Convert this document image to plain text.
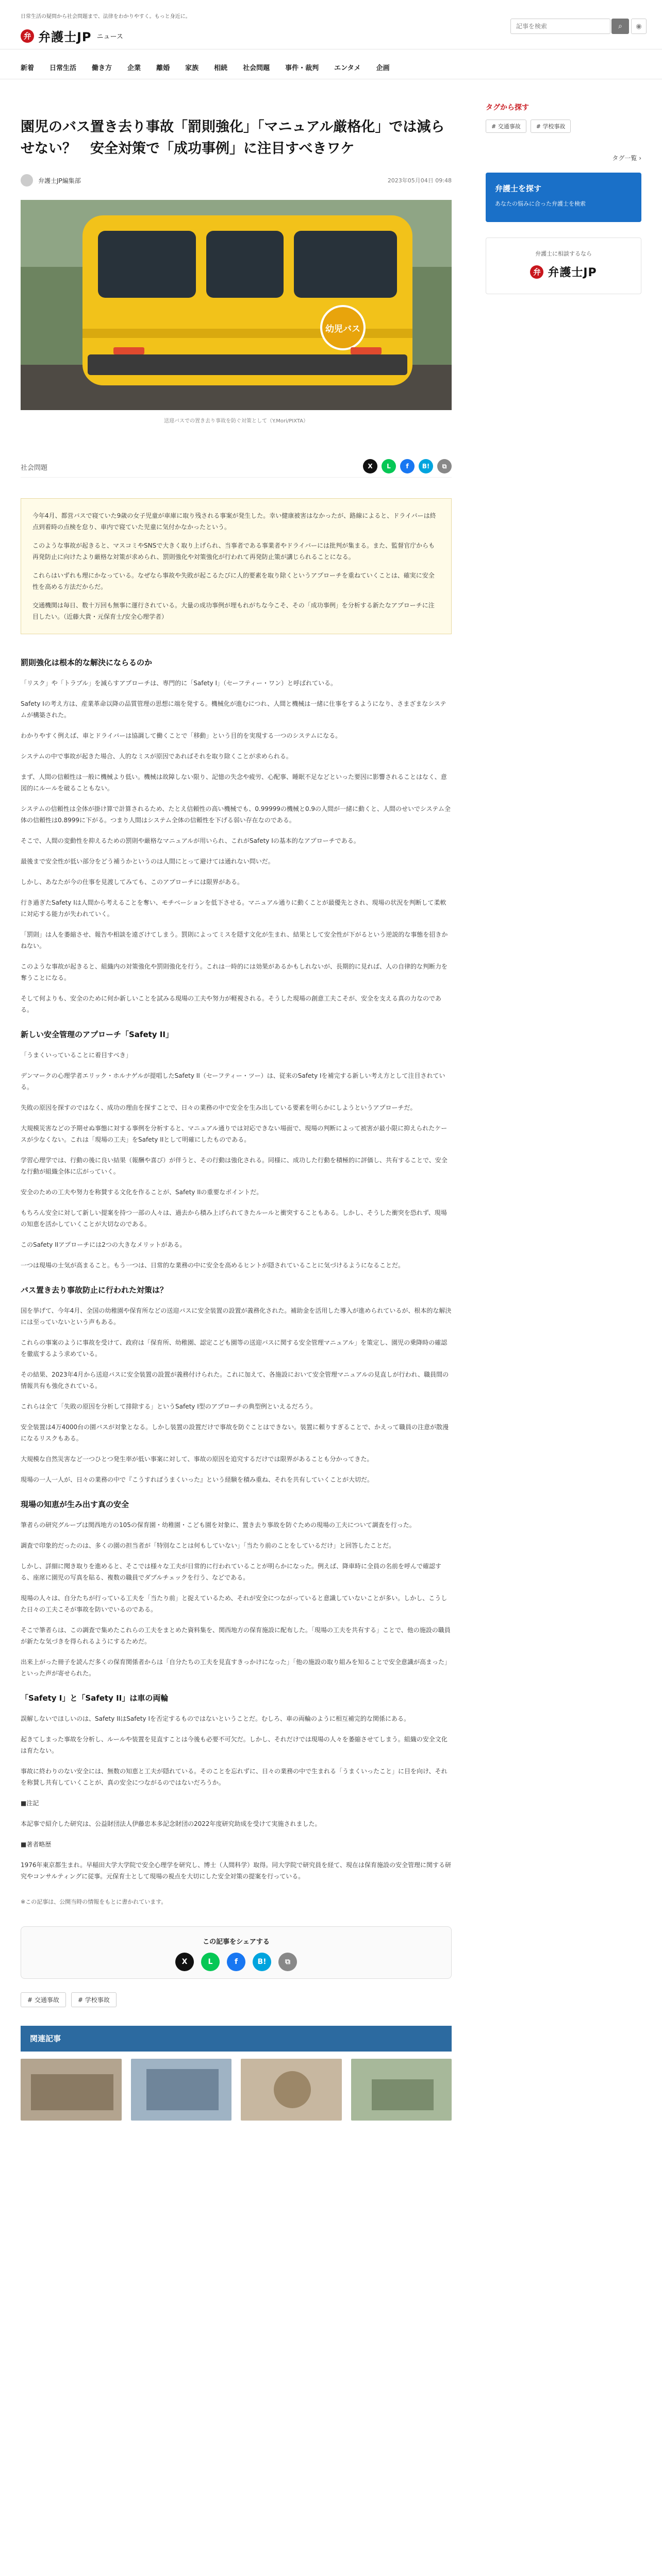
日常生活の疑問から社会問題まで、法律をわかりやすく。もっと身近に。
弁 弁護士JP ニュース
記事を検索
⌕ ◉
新着 日常生活 働き方 企業 離婚 家族 相続 社会問題 事件・裁判 エンタメ 企画
園児のバス置き去り事故「罰則強化」「マニュアル厳格化」では減らせない？　安全対策で「成功事例」に注目すべきワケ
弁護士JP編集部	2023年05月04日 09:48
幼児バス
送迎バスでの置き去り事故を防ぐ対策として（Y.Mori/PIXTA）
社会問題	X	L	f	B!	⧉

今年4月、都営バスで寝ていた9歳の女子児童が車庫に取り残される事案が発生した。幸い健康被害はなかったが、路線によると、ドライバーは終点到着時の点検を怠り、車内で寝ていた児童に気付かなかったという。

このような事故が起きると、マスコミやSNSで大きく取り上げられ、当事者である事業者やドライバーには批判が集まる。また、監督官庁からも再発防止に向けたより厳格な対策が求められ、罰則強化や対策強化が行われて再発防止策が講じられることになる。

これらはいずれも理にかなっている。なぜなら事故や失敗が起こるたびに人的要素を取り除くというアプローチを重ねていくことは、確実に安全性を高める方法だからだ。

交通機関は毎日、数十万回も無事に運行されている。大量の成功事例が埋もれがちな今こそ、その「成功事例」を分析する新たなアプローチに注目したい。（近藤大貴・元保育士/安全心理学者）

罰則強化は根本的な解決にならるのか

「リスク」や「トラブル」を減らすアプローチは、専門的に「Safety I」（セーフティー・ワン）と呼ばれている。

Safety Iの考え方は、産業革命以降の品質管理の思想に端を発する。機械化が進むにつれ、人間と機械は一緒に仕事をするようになり、さまざまなシステムが構築された。

わかりやすく例えば、車とドライバーは協調して働くことで「移動」という目的を実現する一つのシステムになる。

システムの中で事故が起きた場合、人的なミスが原因であればそれを取り除くことが求められる。

まず、人間の信頼性は一般に機械より低い。機械は故障しない限り、記憶の失念や疲労、心配事、睡眠不足などといった要因に影響されることはなく、意図的にルールを破ることもない。

システムの信頼性は全体が掛け算で計算されるため、たとえ信頼性の高い機械でも、0.99999の機械と0.9の人間が一緒に動くと、人間のせいでシステム全体の信頼性は0.8999に下がる。つまり人間はシステム全体の信頼性を下げる弱い存在なのである。

そこで、人間の変動性を抑えるための罰則や厳格なマニュアルが用いられ、これがSafety Iの基本的なアプローチである。

最後まで安全性が低い部分をどう補うかというのは人間にとって避けては通れない問いだ。

しかし、あなたが今の仕事を見渡してみても、このアプローチには限界がある。

行き過ぎたSafety Iは人間から考えることを奪い、モチベーションを低下させる。マニュアル通りに動くことが最優先とされ、現場の状況を判断して柔軟に対応する能力が失われていく。

「罰則」は人を萎縮させ、報告や相談を遠ざけてしまう。罰則によってミスを隠す文化が生まれ、結果として安全性が下がるという逆説的な事態を招きかねない。

このような事故が起きると、組織内の対策強化や罰則強化を行う。これは一時的には効果があるかもしれないが、長期的に見れば、人の自律的な判断力を奪うことになる。

そして何よりも、安全のために何か新しいことを試みる現場の工夫や努力が軽視される。そうした現場の創意工夫こそが、安全を支える真の力なのである。

新しい安全管理のアプローチ「Safety II」

「うまくいっていることに着目すべき」

デンマークの心理学者エリック・ホルナゲルが提唱したSafety II（セーフティー・ツー）は、従来のSafety Iを補完する新しい考え方として注目されている。

失敗の原因を探すのではなく、成功の理由を探すことで、日々の業務の中で安全を生み出している要素を明らかにしようというアプローチだ。

大規模災害などの予期せぬ事態に対する事例を分析すると、マニュアル通りでは対応できない場面で、現場の判断によって被害が最小限に抑えられたケースが少なくない。これは「現場の工夫」をSafety IIとして明確にしたものである。

学習心理学では、行動の後に良い結果（報酬や喜び）が伴うと、その行動は強化される。同様に、成功した行動を積極的に評価し、共有することで、安全な行動が組織全体に広がっていく。

安全のための工夫や努力を称賛する文化を作ることが、Safety IIの重要なポイントだ。

もちろん安全に対して新しい提案を持つ一部の人々は、過去から積み上げられてきたルールと衝突することもある。しかし、そうした衝突を恐れず、現場の知恵を活かしていくことが大切なのである。

このSafety IIアプローチには2つの大きなメリットがある。

一つは現場の士気が高まること。もう一つは、日常的な業務の中に安全を高めるヒントが隠されていることに気づけるようになることだ。

バス置き去り事故防止に行われた対策は？

国を挙げて、今年4月、全国の幼稚園や保育所などの送迎バスに安全装置の設置が義務化された。補助金を活用した導入が進められているが、根本的な解決には至っていないという声もある。

これらの事案のように事故を受けて、政府は「保育所、幼稚園、認定こども園等の送迎バスに関する安全管理マニュアル」を策定し、園児の乗降時の確認を徹底するよう求めている。

その結果、2023年4月から送迎バスに安全装置の設置が義務付けられた。これに加えて、各施設において安全管理マニュアルの見直しが行われ、職員間の情報共有も強化されている。

これらは全て「失敗の原因を分析して排除する」というSafety I型のアプローチの典型例といえるだろう。

安全装置は4万4000台の園バスが対象となる。しかし装置の設置だけで事故を防ぐことはできない。装置に頼りすぎることで、かえって職員の注意が散漫になるリスクもある。

大規模な自然災害など一つひとつ発生率が低い事案に対して、事故の原因を追究するだけでは限界があることも分かってきた。

現場の一人一人が、日々の業務の中で『こうすればうまくいった』という経験を積み重ね、それを共有していくことが大切だ。

現場の知恵が生み出す真の安全

筆者らの研究グループは関西地方の105の保育園・幼稚園・こども園を対象に、置き去り事故を防ぐための現場の工夫について調査を行った。

調査で印象的だったのは、多くの園の担当者が「特別なことは何もしていない」「当たり前のことをしているだけ」と回答したことだ。

しかし、詳細に聞き取りを進めると、そこでは様々な工夫が日常的に行われていることが明らかになった。例えば、降車時に全員の名前を呼んで確認する、座席に園児の写真を貼る、複数の職員でダブルチェックを行う、などである。

現場の人々は、自分たちが行っている工夫を「当たり前」と捉えているため、それが安全につながっていると意識していないことが多い。しかし、こうした日々の工夫こそが事故を防いでいるのである。

そこで筆者らは、この調査で集めたこれらの工夫をまとめた資料集を、関西地方の保育施設に配布した。「現場の工夫を共有する」ことで、他の施設の職員が新たな気づきを得られるようにするためだ。

出来上がった冊子を読んだ多くの保育関係者からは「自分たちの工夫を見直すきっかけになった」「他の施設の取り組みを知ることで安全意識が高まった」といった声が寄せられた。

「Safety I」と「Safety II」は車の両輪

誤解しないでほしいのは、Safety IIはSafety Iを否定するものではないということだ。むしろ、車の両輪のように相互補完的な関係にある。

起きてしまった事故を分析し、ルールや装置を見直すことは今後も必要不可欠だ。しかし、それだけでは現場の人々を萎縮させてしまう。組織の安全文化は育たない。

事故に終わりのない安全には、無数の知恵と工夫が隠れている。そのことを忘れずに、日々の業務の中で生まれる「うまくいったこと」に目を向け、それを称賛し共有していくことが、真の安全につながるのではないだろうか。

■注記

本記事で紹介した研究は、公益財団法人伊藤忠本多記念財団の2022年度研究助成を受けて実施されました。

■著者略歴

1976年東京都生まれ。早稲田大学大学院で安全心理学を研究し、博士（人間科学）取得。同大学院で研究員を経て、現在は保育施設の安全管理に関する研究やコンサルティングに従事。元保育士として現場の視点を大切にした安全対策の提案を行っている。

※この記事は、公開当時の情報をもとに書かれています。
この記事をシェアする
X	L	f	B!	⧉
# 交通事故	# 学校事故
関連記事
タグから探す
# 交通事故	# 学校事故
タグ一覧 ›
弁護士を探す
あなたの悩みに合った弁護士を検索
弁護士に相談するなら
弁 弁護士JP
